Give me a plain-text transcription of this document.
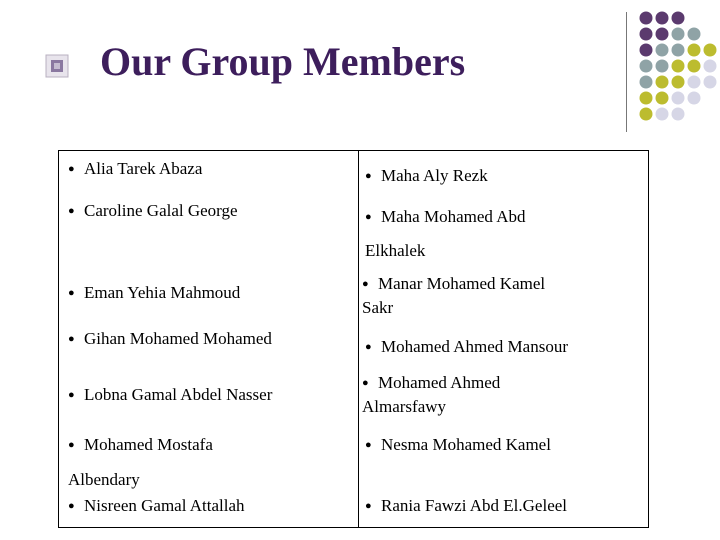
Our Group Members
● Alia Tarek Abaza	● Maha Aly Rezk

● Caroline Galal George	● Maha Mohamed Abd
Elkhalek

● Eman Yehia Mahmoud	● Manar Mohamed Kamel
Sakr

● Gihan Mohamed Mohamed	● Mohamed Ahmed Mansour

● Lobna Gamal Abdel Nasser	● Mohamed Ahmed
Almarsfawy

● Mohamed Mostafa
Albendary	● Nesma Mohamed Kamel

● Nisreen Gamal Attallah	● Rania Fawzi Abd El.Geleel
